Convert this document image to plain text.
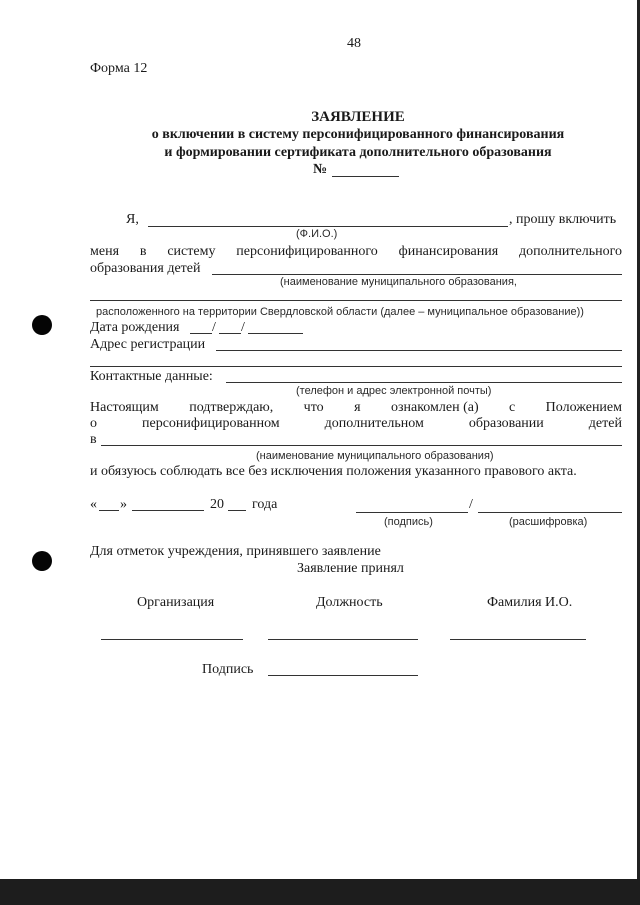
48
Форма 12
ЗАЯВЛЕНИЕ
о включении в систему персонифицированного финансирования
и формировании сертификата дополнительного образования
№
Я,	, прошу включить
(Ф.И.О.)
меня в систему персонифицированного финансирования дополнительного
образования детей
(наименование муниципального образования,
расположенного на территории Свердловской области (далее – муниципальное образование))
Дата рождения / /
Адрес регистрации
Контактные данные:
(телефон и адрес электронной почты)
Настоящим подтверждаю, что я ознакомлен (а) с Положением
о	персонифицированном	дополнительном	образовании	детей
в
(наименование муниципального образования)
и обязуюсь соблюдать все без исключения положения указанного правового акта.
« »	20 года	/
(подпись)	(расшифровка)
Для отметок учреждения, принявшего заявление
Заявление принял
Организация	Должность	Фамилия И.О.
Подпись
